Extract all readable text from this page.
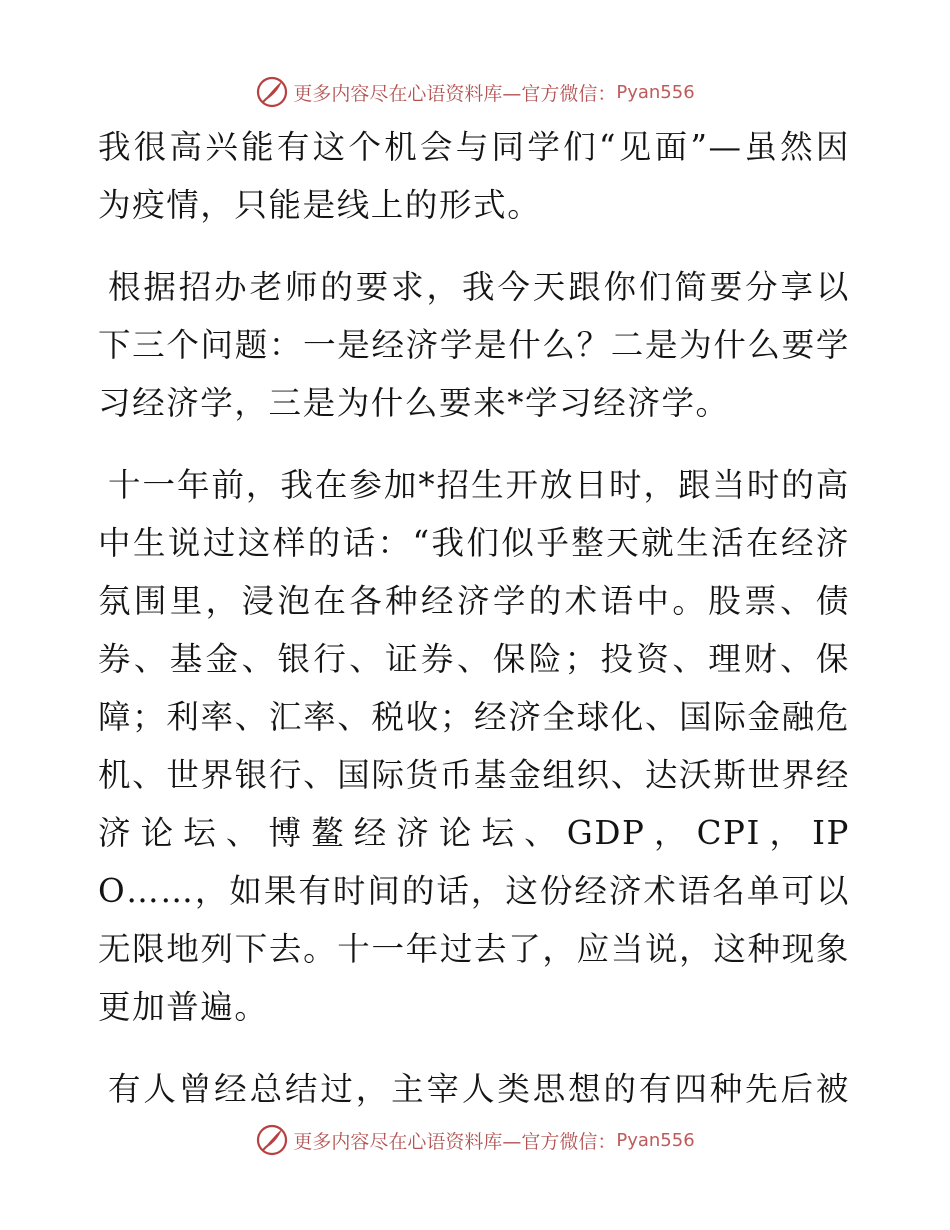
更多内容尽在心语资料库—官方微信： Pyan556

我很高兴能有这个机会与同学们“见面”—虽然因为疫情，只能是线上的形式。

根据招办老师的要求，我今天跟你们简要分享以下三个问题：一是经济学是什么？二是为什么要学习经济学，三是为什么要来*学习经济学。

十一年前，我在参加*招生开放日时，跟当时的高中生说过这样的话：“我们似乎整天就生活在经济氛围里，浸泡在各种经济学的术语中。股票、债券、基金、银行、证券、保险；投资、理财、保障；利率、汇率、税收；经济全球化、国际金融危机、世界银行、国际货币基金组织、达沃斯世界经济论坛、博鳌经济论坛、GDP，CPI，IPO……，如果有时间的话，这份经济术语名单可以无限地列下去。十一年过去了，应当说，这种现象更加普遍。

有人曾经总结过，主宰人类思想的有四种先后被

更多内容尽在心语资料库—官方微信： Pyan556
